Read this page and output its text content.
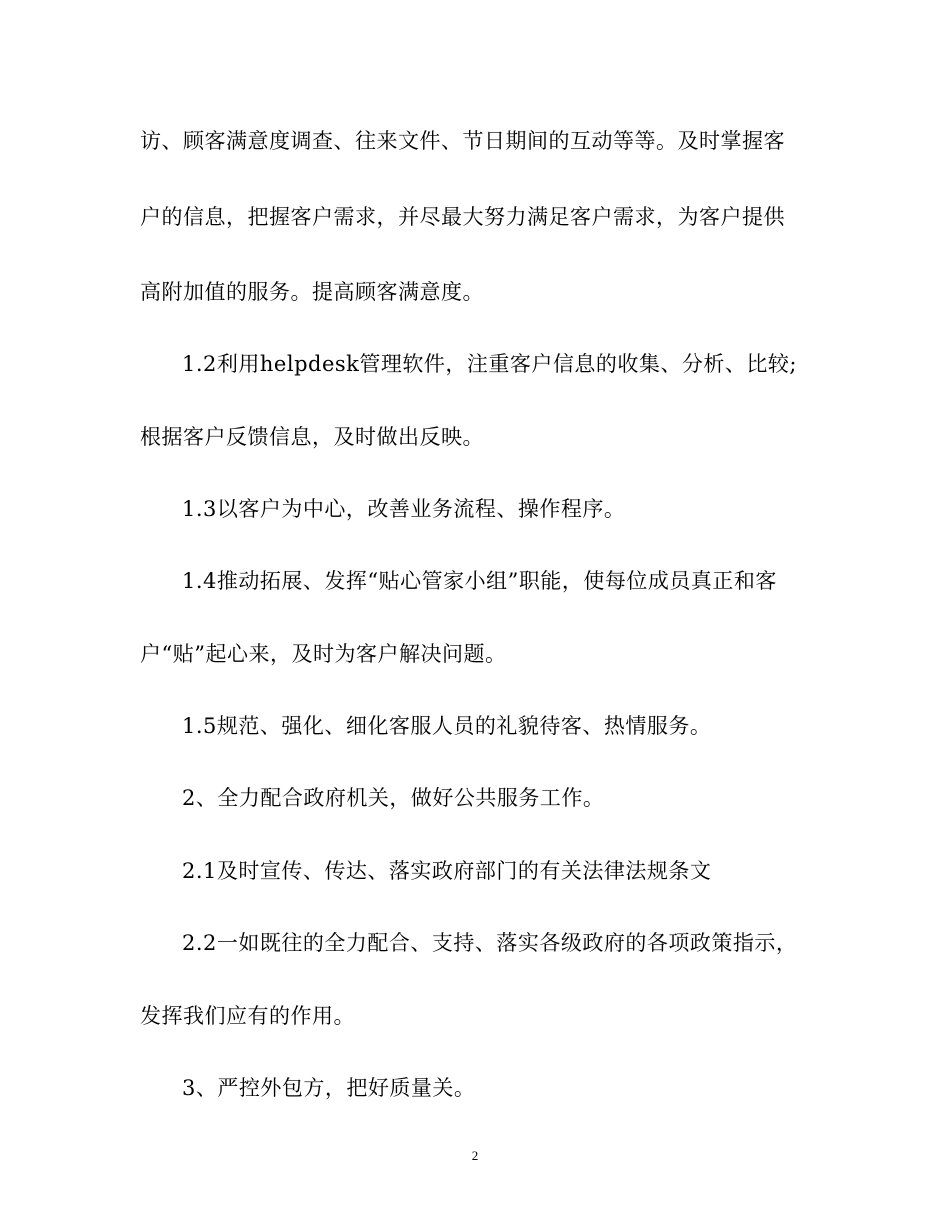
访、顾客满意度调查、往来文件、节日期间的互动等等。及时掌握客
户的信息，把握客户需求，并尽最大努力满足客户需求，为客户提供
高附加值的服务。提高顾客满意度。
1.2利用helpdesk管理软件，注重客户信息的收集、分析、比较;
根据客户反馈信息，及时做出反映。
1.3以客户为中心，改善业务流程、操作程序。
1.4推动拓展、发挥“贴心管家小组”职能，使每位成员真正和客
户“贴”起心来，及时为客户解决问题。
1.5规范、强化、细化客服人员的礼貌待客、热情服务。
2、全力配合政府机关，做好公共服务工作。
2.1及时宣传、传达、落实政府部门的有关法律法规条文
2.2一如既往的全力配合、支持、落实各级政府的各项政策指示，
发挥我们应有的作用。
3、严控外包方，把好质量关。
2
